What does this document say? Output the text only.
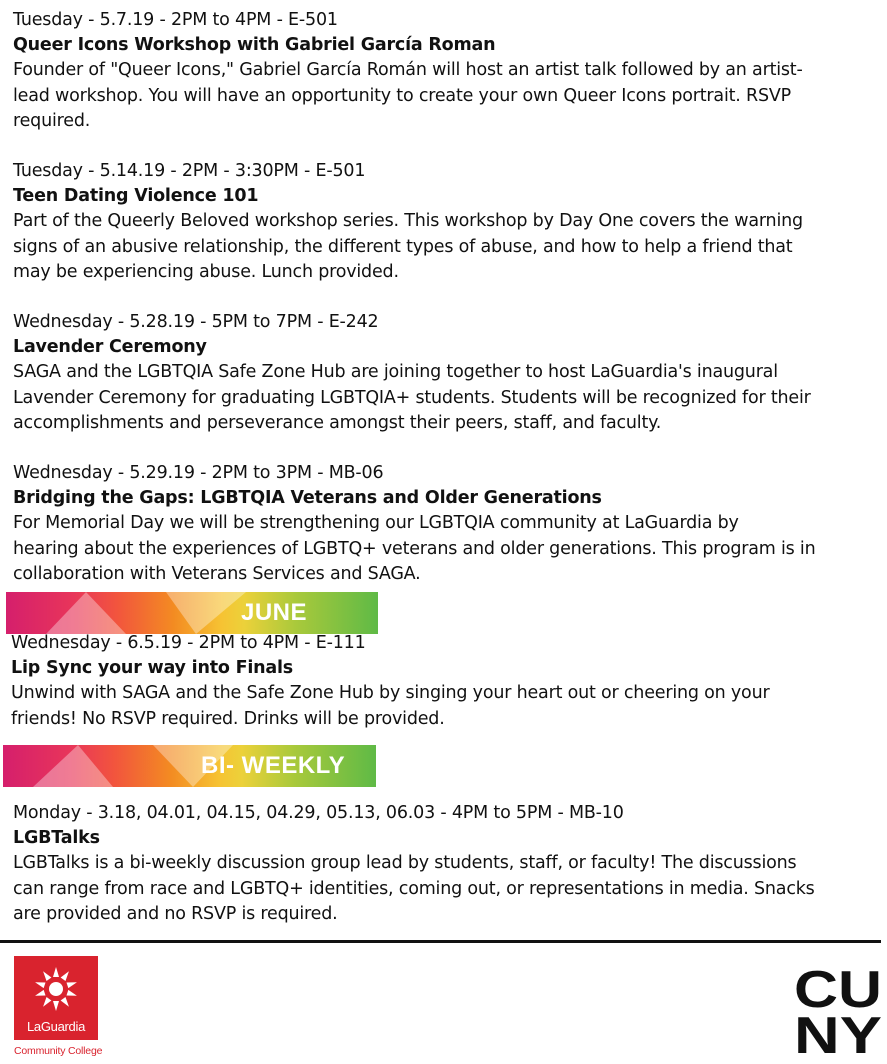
Tuesday - 5.7.19 - 2PM to 4PM - E-501
Queer Icons Workshop with Gabriel García Roman
Founder of "Queer Icons," Gabriel García Román will host an artist talk followed by an artist-
lead workshop. You will have an opportunity to create your own Queer Icons portrait. RSVP
required.
Tuesday - 5.14.19 - 2PM - 3:30PM - E-501
Teen Dating Violence 101
Part of the Queerly Beloved workshop series. This workshop by Day One covers the warning
signs of an abusive relationship, the different types of abuse, and how to help a friend that
may be experiencing abuse. Lunch provided.
Wednesday - 5.28.19 - 5PM to 7PM - E-242
Lavender Ceremony
SAGA and the LGBTQIA Safe Zone Hub are joining together to host LaGuardia's inaugural
Lavender Ceremony for graduating LGBTQIA+ students. Students will be recognized for their
accomplishments and perseverance amongst their peers, staff, and faculty.
Wednesday - 5.29.19 - 2PM to 3PM - MB-06
Bridging the Gaps: LGBTQIA Veterans and Older Generations
For Memorial Day we will be strengthening our LGBTQIA community at LaGuardia by
hearing about the experiences of LGBTQ+ veterans and older generations. This program is in
collaboration with Veterans Services and SAGA.
JUNE
Wednesday - 6.5.19 - 2PM to 4PM - E-111
Lip Sync your way into Finals
Unwind with SAGA and the Safe Zone Hub by singing your heart out or cheering on your
friends! No RSVP required. Drinks will be provided.
BI- WEEKLY
Monday - 3.18, 04.01, 04.15, 04.29, 05.13, 06.03 - 4PM to 5PM - MB-10
LGBTalks
LGBTalks is a bi-weekly discussion group lead by students, staff, or faculty! The discussions
can range from race and LGBTQ+ identities, coming out, or representations in media. Snacks
are provided and no RSVP is required.
LaGuardia
Community College
CU
NY
